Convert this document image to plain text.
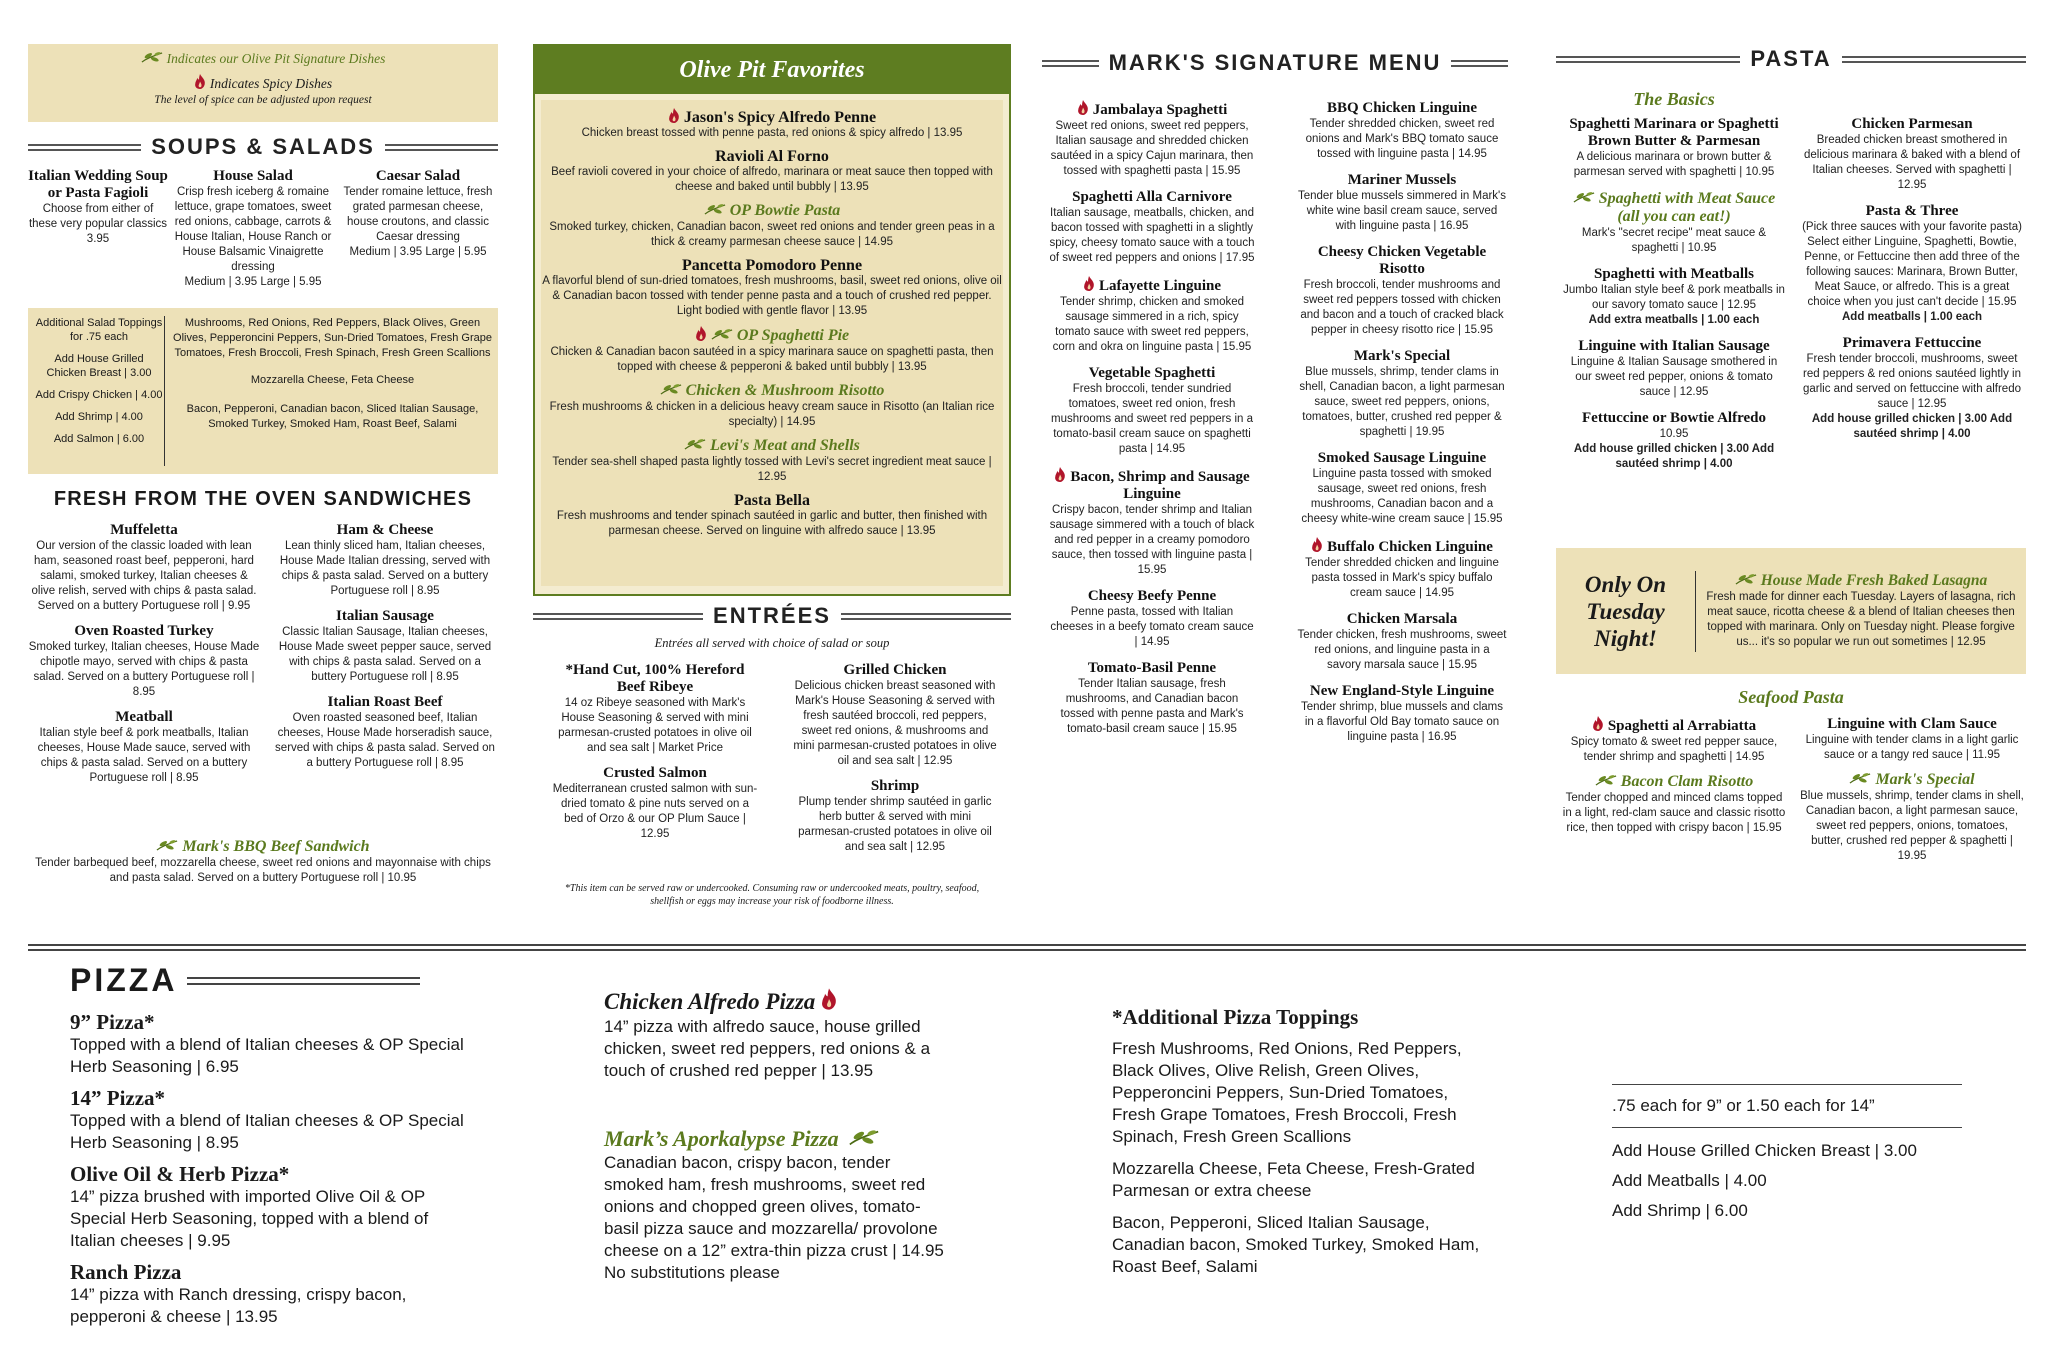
Indicates our Olive Pit Signature Dishes
Indicates Spicy Dishes
The level of spice can be adjusted upon request
SOUPS & SALADS
Italian Wedding Soup or Pasta Fagioli
Choose from either of these very popular classics
3.95
House Salad
Crisp fresh iceberg & romaine lettuce, grape tomatoes, sweet red onions, cabbage, carrots & House Italian, House Ranch or House Balsamic Vinaigrette dressing
Medium | 3.95 Large | 5.95
Caesar Salad
Tender romaine lettuce, fresh grated parmesan cheese, house croutons, and classic Caesar dressing
Medium | 3.95 Large | 5.95
Additional Salad Toppings for .75 each
Add House Grilled Chicken Breast | 3.00
Add Crispy Chicken | 4.00
Add Shrimp | 4.00
Add Salmon | 6.00
Mushrooms, Red Onions, Red Peppers, Black Olives, Green Olives, Pepperoncini Peppers, Sun-Dried Tomatoes, Fresh Grape Tomatoes, Fresh Broccoli, Fresh Spinach, Fresh Green Scallions
Mozzarella Cheese, Feta Cheese
Bacon, Pepperoni, Canadian bacon, Sliced Italian Sausage, Smoked Turkey, Smoked Ham, Roast Beef, Salami
FRESH FROM THE OVEN SANDWICHES
Muffeletta
Our version of the classic loaded with lean ham, seasoned roast beef, pepperoni, hard salami, smoked turkey, Italian cheeses & olive relish, served with chips & pasta salad. Served on a buttery Portuguese roll | 9.95
Oven Roasted Turkey
Smoked turkey, Italian cheeses, House Made chipotle mayo, served with chips & pasta salad. Served on a buttery Portuguese roll | 8.95
Meatball
Italian style beef & pork meatballs, Italian cheeses, House Made sauce, served with chips & pasta salad. Served on a buttery Portuguese roll | 8.95
Ham & Cheese
Lean thinly sliced ham, Italian cheeses, House Made Italian dressing, served with chips & pasta salad. Served on a buttery Portuguese roll | 8.95
Italian Sausage
Classic Italian Sausage, Italian cheeses, House Made sweet pepper sauce, served with chips & pasta salad. Served on a buttery Portuguese roll | 8.95
Italian Roast Beef
Oven roasted seasoned beef, Italian cheeses, House Made horseradish sauce, served with chips & pasta salad. Served on a buttery Portuguese roll | 8.95
Mark's BBQ Beef Sandwich
Tender barbequed beef, mozzarella cheese, sweet red onions and mayonnaise with chips and pasta salad. Served on a buttery Portuguese roll | 10.95
Olive Pit Favorites
Jason's Spicy Alfredo Penne
Chicken breast tossed with penne pasta, red onions & spicy alfredo | 13.95
Ravioli Al Forno
Beef ravioli covered in your choice of alfredo, marinara or meat sauce then topped with cheese and baked until bubbly | 13.95
OP Bowtie Pasta
Smoked turkey, chicken, Canadian bacon, sweet red onions and tender green peas in a thick & creamy parmesan cheese sauce | 14.95
Pancetta Pomodoro Penne
A flavorful blend of sun-dried tomatoes, fresh mushrooms, basil, sweet red onions, olive oil & Canadian bacon tossed with tender penne pasta and a touch of crushed red pepper. Light bodied with gentle flavor | 13.95
OP Spaghetti Pie
Chicken & Canadian bacon sautéed in a spicy marinara sauce on spaghetti pasta, then topped with cheese & pepperoni & baked until bubbly | 13.95
Chicken & Mushroom Risotto
Fresh mushrooms & chicken in a delicious heavy cream sauce in Risotto (an Italian rice specialty) | 14.95
Levi's Meat and Shells
Tender sea-shell shaped pasta lightly tossed with Levi's secret ingredient meat sauce | 12.95
Pasta Bella
Fresh mushrooms and tender spinach sautéed in garlic and butter, then finished with parmesan cheese. Served on linguine with alfredo sauce | 13.95
ENTRÉES
Entrées all served with choice of salad or soup
*Hand Cut, 100% Hereford Beef Ribeye
14 oz Ribeye seasoned with Mark's House Seasoning & served with mini parmesan-crusted potatoes in olive oil and sea salt | Market Price
Crusted Salmon
Mediterranean crusted salmon with sun-dried tomato & pine nuts served on a bed of Orzo & our OP Plum Sauce | 12.95
Grilled Chicken
Delicious chicken breast seasoned with Mark's House Seasoning & served with fresh sautéed broccoli, red peppers, sweet red onions, & mushrooms and mini parmesan-crusted potatoes in olive oil and sea salt | 12.95
Shrimp
Plump tender shrimp sautéed in garlic herb butter & served with mini parmesan-crusted potatoes in olive oil and sea salt | 12.95
*This item can be served raw or undercooked. Consuming raw or undercooked meats, poultry, seafood, shellfish or eggs may increase your risk of foodborne illness.
MARK'S SIGNATURE MENU
Jambalaya Spaghetti
Sweet red onions, sweet red peppers, Italian sausage and shredded chicken sautéed in a spicy Cajun marinara, then tossed with spaghetti pasta | 15.95
Spaghetti Alla Carnivore
Italian sausage, meatballs, chicken, and bacon tossed with spaghetti in a slightly spicy, cheesy tomato sauce with a touch of sweet red peppers and onions | 17.95
Lafayette Linguine
Tender shrimp, chicken and smoked sausage simmered in a rich, spicy tomato sauce with sweet red peppers, corn and okra on linguine pasta | 15.95
Vegetable Spaghetti
Fresh broccoli, tender sundried tomatoes, sweet red onion, fresh mushrooms and sweet red peppers in a tomato-basil cream sauce on spaghetti pasta | 14.95
Bacon, Shrimp and Sausage Linguine
Crispy bacon, tender shrimp and Italian sausage simmered with a touch of black and red pepper in a creamy pomodoro sauce, then tossed with linguine pasta | 15.95
Cheesy Beefy Penne
Penne pasta, tossed with Italian cheeses in a beefy tomato cream sauce | 14.95
Tomato-Basil Penne
Tender Italian sausage, fresh mushrooms, and Canadian bacon tossed with penne pasta and Mark's tomato-basil cream sauce | 15.95
BBQ Chicken Linguine
Tender shredded chicken, sweet red onions and Mark's BBQ tomato sauce tossed with linguine pasta | 14.95
Mariner Mussels
Tender blue mussels simmered in Mark's white wine basil cream sauce, served with linguine pasta | 16.95
Cheesy Chicken Vegetable Risotto
Fresh broccoli, tender mushrooms and sweet red peppers tossed with chicken and bacon and a touch of cracked black pepper in cheesy risotto rice | 15.95
Mark's Special
Blue mussels, shrimp, tender clams in shell, Canadian bacon, a light parmesan sauce, sweet red peppers, onions, tomatoes, butter, crushed red pepper & spaghetti | 19.95
Smoked Sausage Linguine
Linguine pasta tossed with smoked sausage, sweet red onions, fresh mushrooms, Canadian bacon and a cheesy white-wine cream sauce | 15.95
Buffalo Chicken Linguine
Tender shredded chicken and linguine pasta tossed in Mark's spicy buffalo cream sauce | 14.95
Chicken Marsala
Tender chicken, fresh mushrooms, sweet red onions, and linguine pasta in a savory marsala sauce | 15.95
New England-Style Linguine
Tender shrimp, blue mussels and clams in a flavorful Old Bay tomato sauce on linguine pasta | 16.95
PASTA
The Basics
Spaghetti Marinara or Spaghetti Brown Butter & Parmesan
A delicious marinara or brown butter & parmesan served with spaghetti | 10.95
Spaghetti with Meat Sauce (all you can eat!)
Mark's "secret recipe" meat sauce & spaghetti | 10.95
Spaghetti with Meatballs
Jumbo Italian style beef & pork meatballs in our savory tomato sauce | 12.95
Add extra meatballs | 1.00 each
Linguine with Italian Sausage
Linguine & Italian Sausage smothered in our sweet red pepper, onions & tomato sauce | 12.95
Fettuccine or Bowtie Alfredo
10.95
Add house grilled chicken | 3.00 Add sautéed shrimp | 4.00
Chicken Parmesan
Breaded chicken breast smothered in delicious marinara & baked with a blend of Italian cheeses. Served with spaghetti | 12.95
Pasta & Three
(Pick three sauces with your favorite pasta) Select either Linguine, Spaghetti, Bowtie, Penne, or Fettuccine then add three of the following sauces: Marinara, Brown Butter, Meat Sauce, or alfredo. This is a great choice when you just can't decide | 15.95
Add meatballs | 1.00 each
Primavera Fettuccine
Fresh tender broccoli, mushrooms, sweet red peppers & red onions sautéed lightly in garlic and served on fettuccine with alfredo sauce | 12.95
Add house grilled chicken | 3.00 Add sautéed shrimp | 4.00
Only On Tuesday Night!
House Made Fresh Baked Lasagna
Fresh made for dinner each Tuesday. Layers of lasagna, rich meat sauce, ricotta cheese & a blend of Italian cheeses then topped with marinara. Only on Tuesday night. Please forgive us... it's so popular we run out sometimes | 12.95
Seafood Pasta
Spaghetti al Arrabiatta
Spicy tomato & sweet red pepper sauce, tender shrimp and spaghetti | 14.95
Bacon Clam Risotto
Tender chopped and minced clams topped in a light, red-clam sauce and classic risotto rice, then topped with crispy bacon | 15.95
Linguine with Clam Sauce
Linguine with tender clams in a light garlic sauce or a tangy red sauce | 11.95
Mark's Special
Blue mussels, shrimp, tender clams in shell, Canadian bacon, a light parmesan sauce, sweet red peppers, onions, tomatoes, butter, crushed red pepper & spaghetti | 19.95
PIZZA
9” Pizza*
Topped with a blend of Italian cheeses & OP Special Herb Seasoning | 6.95
14” Pizza*
Topped with a blend of Italian cheeses & OP Special Herb Seasoning | 8.95
Olive Oil & Herb Pizza*
14” pizza brushed with imported Olive Oil & OP Special Herb Seasoning, topped with a blend of Italian cheeses | 9.95
Ranch Pizza
14” pizza with Ranch dressing, crispy bacon, pepperoni & cheese | 13.95
Chicken Alfredo Pizza
14” pizza with alfredo sauce, house grilled chicken, sweet red peppers, red onions & a touch of crushed red pepper | 13.95
Mark’s Aporkalypse Pizza
Canadian bacon, crispy bacon, tender smoked ham, fresh mushrooms, sweet red onions and chopped green olives, tomato-basil pizza sauce and mozzarella/ provolone cheese on a 12” extra-thin pizza crust | 14.95
No substitutions please
*Additional Pizza Toppings
Fresh Mushrooms, Red Onions, Red Peppers, Black Olives, Olive Relish, Green Olives, Pepperoncini Peppers, Sun-Dried Tomatoes, Fresh Grape Tomatoes, Fresh Broccoli, Fresh Spinach, Fresh Green Scallions
Mozzarella Cheese, Feta Cheese, Fresh-Grated Parmesan or extra cheese
Bacon, Pepperoni, Sliced Italian Sausage, Canadian bacon, Smoked Turkey, Smoked Ham, Roast Beef, Salami
.75 each for 9” or 1.50 each for 14”
Add House Grilled Chicken Breast | 3.00
Add Meatballs | 4.00
Add Shrimp | 6.00
